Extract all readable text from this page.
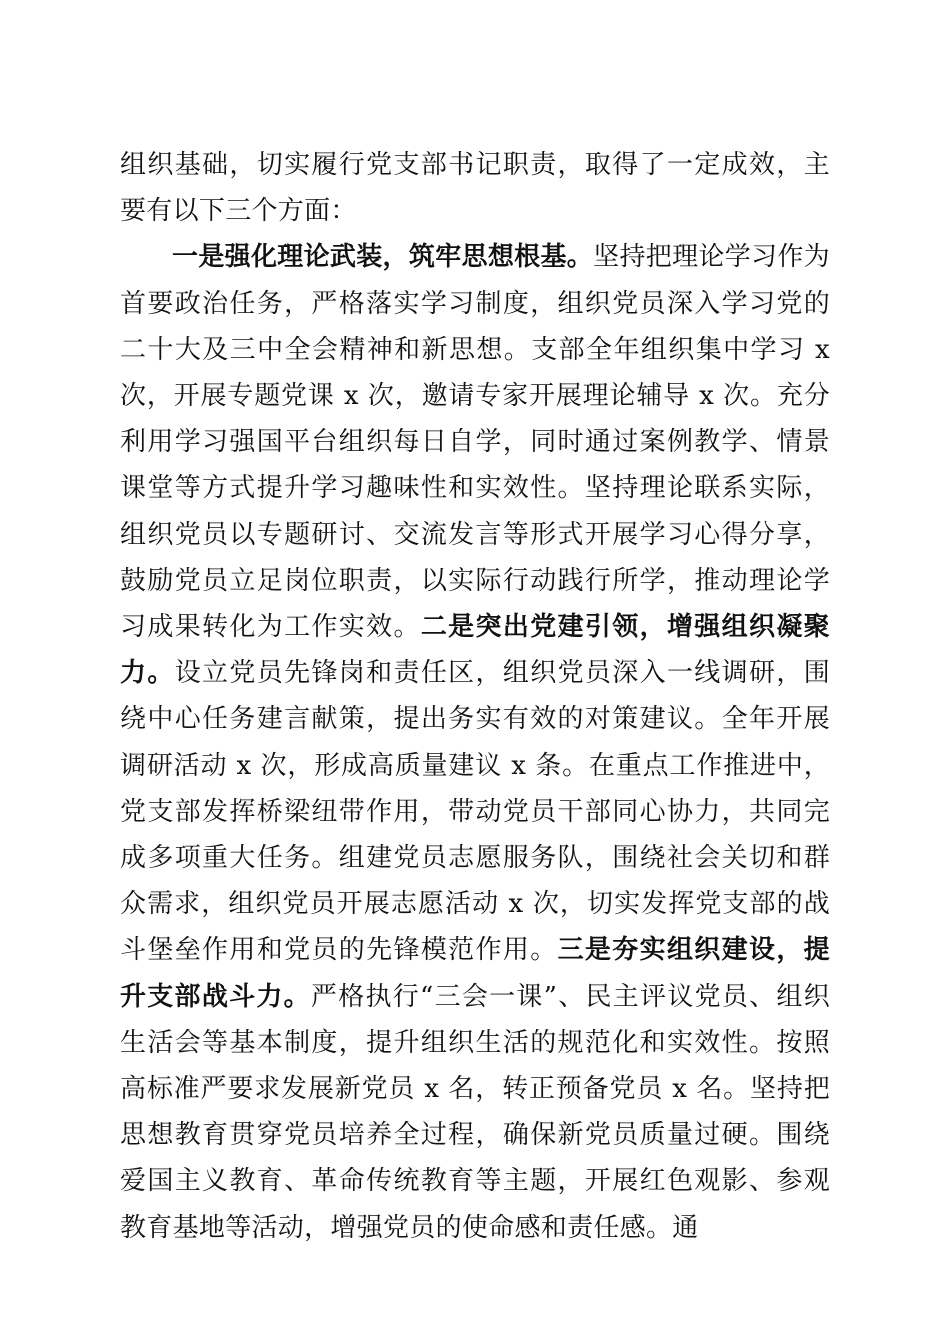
组织基础，切实履行党支部书记职责，取得了一定成效，主要有以下三个方面：

一是强化理论武装，筑牢思想根基。坚持把理论学习作为首要政治任务，严格落实学习制度，组织党员深入学习党的二十大及三中全会精神和新思想。支部全年组织集中学习 x 次，开展专题党课 x 次，邀请专家开展理论辅导 x 次。充分利用学习强国平台组织每日自学，同时通过案例教学、情景课堂等方式提升学习趣味性和实效性。坚持理论联系实际，组织党员以专题研讨、交流发言等形式开展学习心得分享，鼓励党员立足岗位职责，以实际行动践行所学，推动理论学习成果转化为工作实效。二是突出党建引领，增强组织凝聚力。设立党员先锋岗和责任区，组织党员深入一线调研，围绕中心任务建言献策，提出务实有效的对策建议。全年开展调研活动 x 次，形成高质量建议 x 条。在重点工作推进中，党支部发挥桥梁纽带作用，带动党员干部同心协力，共同完成多项重大任务。组建党员志愿服务队，围绕社会关切和群众需求，组织党员开展志愿活动 x 次，切实发挥党支部的战斗堡垒作用和党员的先锋模范作用。三是夯实组织建设，提升支部战斗力。严格执行“三会一课”、民主评议党员、组织生活会等基本制度，提升组织生活的规范化和实效性。按照高标准严要求发展新党员 x 名，转正预备党员 x 名。坚持把思想教育贯穿党员培养全过程，确保新党员质量过硬。围绕爱国主义教育、革命传统教育等主题，开展红色观影、参观教育基地等活动，增强党员的使命感和责任感。通
